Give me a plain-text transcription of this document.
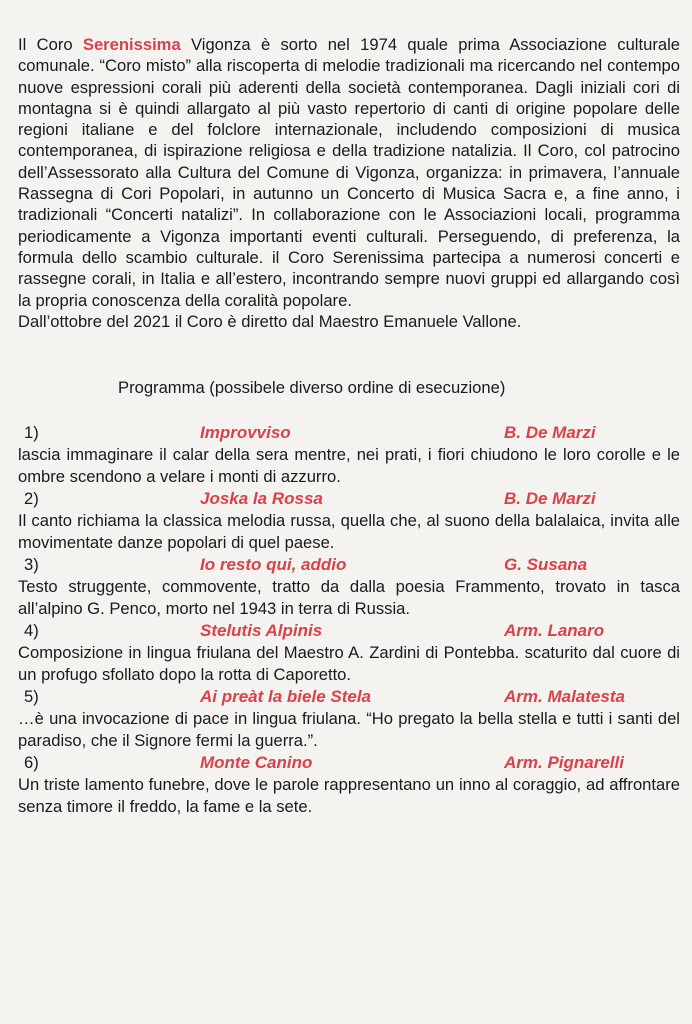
Il Coro Serenissima Vigonza è sorto nel 1974 quale prima Associazione culturale comunale. “Coro misto” alla riscoperta di melodie tradizionali ma ricercando nel contempo nuove espressioni corali più aderenti della società contemporanea. Dagli iniziali cori di montagna si è quindi allargato al più vasto repertorio di canti di origine popolare delle regioni italiane e del folclore internazionale, includendo composizioni di musica contemporanea, di ispirazione religiosa e della tradizione natalizia. Il Coro, col patrocino dell’Assessorato alla Cultura del Comune di Vigonza, organizza: in primavera, l’annuale Rassegna di Cori Popolari, in autunno un Concerto di Musica Sacra e, a fine anno, i tradizionali “Concerti natalizi”. In collaborazione con le Associazioni locali, programma periodicamente a Vigonza importanti eventi culturali. Perseguendo, di preferenza, la formula dello scambio culturale. il Coro Serenissima partecipa a numerosi concerti e rassegne corali, in Italia e all’estero, incontrando sempre nuovi gruppi ed allargando così la propria conoscenza della coralità popolare.

Dall’ottobre del 2021 il Coro è diretto dal Maestro Emanuele Vallone.

Programma (possibele diverso ordine di esecuzione)
1)	Improvviso	B. De Marzi

lascia immaginare il calar della sera mentre, nei prati, i fiori chiudono le loro corolle e le ombre scendono a velare i monti di azzurro.

2)	Joska la Rossa	B. De Marzi

Il canto richiama la classica melodia russa, quella che, al suono della balalaica, invita alle movimentate danze popolari di quel paese.

3)	Io resto qui, addio	G. Susana

Testo struggente, commovente, tratto da dalla poesia Frammento, trovato in tasca all’alpino G. Penco, morto nel 1943 in terra di Russia.

4)	Stelutis Alpinis	Arm. Lanaro

Composizione in lingua friulana del Maestro A. Zardini di Pontebba. scaturito dal cuore di un profugo sfollato dopo la rotta di Caporetto.

5)	Ai preàt la biele Stela	Arm. Malatesta

…è una invocazione di pace in lingua friulana. “Ho pregato la bella stella e tutti i santi del paradiso, che il Signore fermi la guerra.”.

6)	Monte Canino	Arm. Pignarelli

Un triste lamento funebre, dove le parole rappresentano un inno al coraggio, ad affrontare senza timore il freddo, la fame e la sete.
